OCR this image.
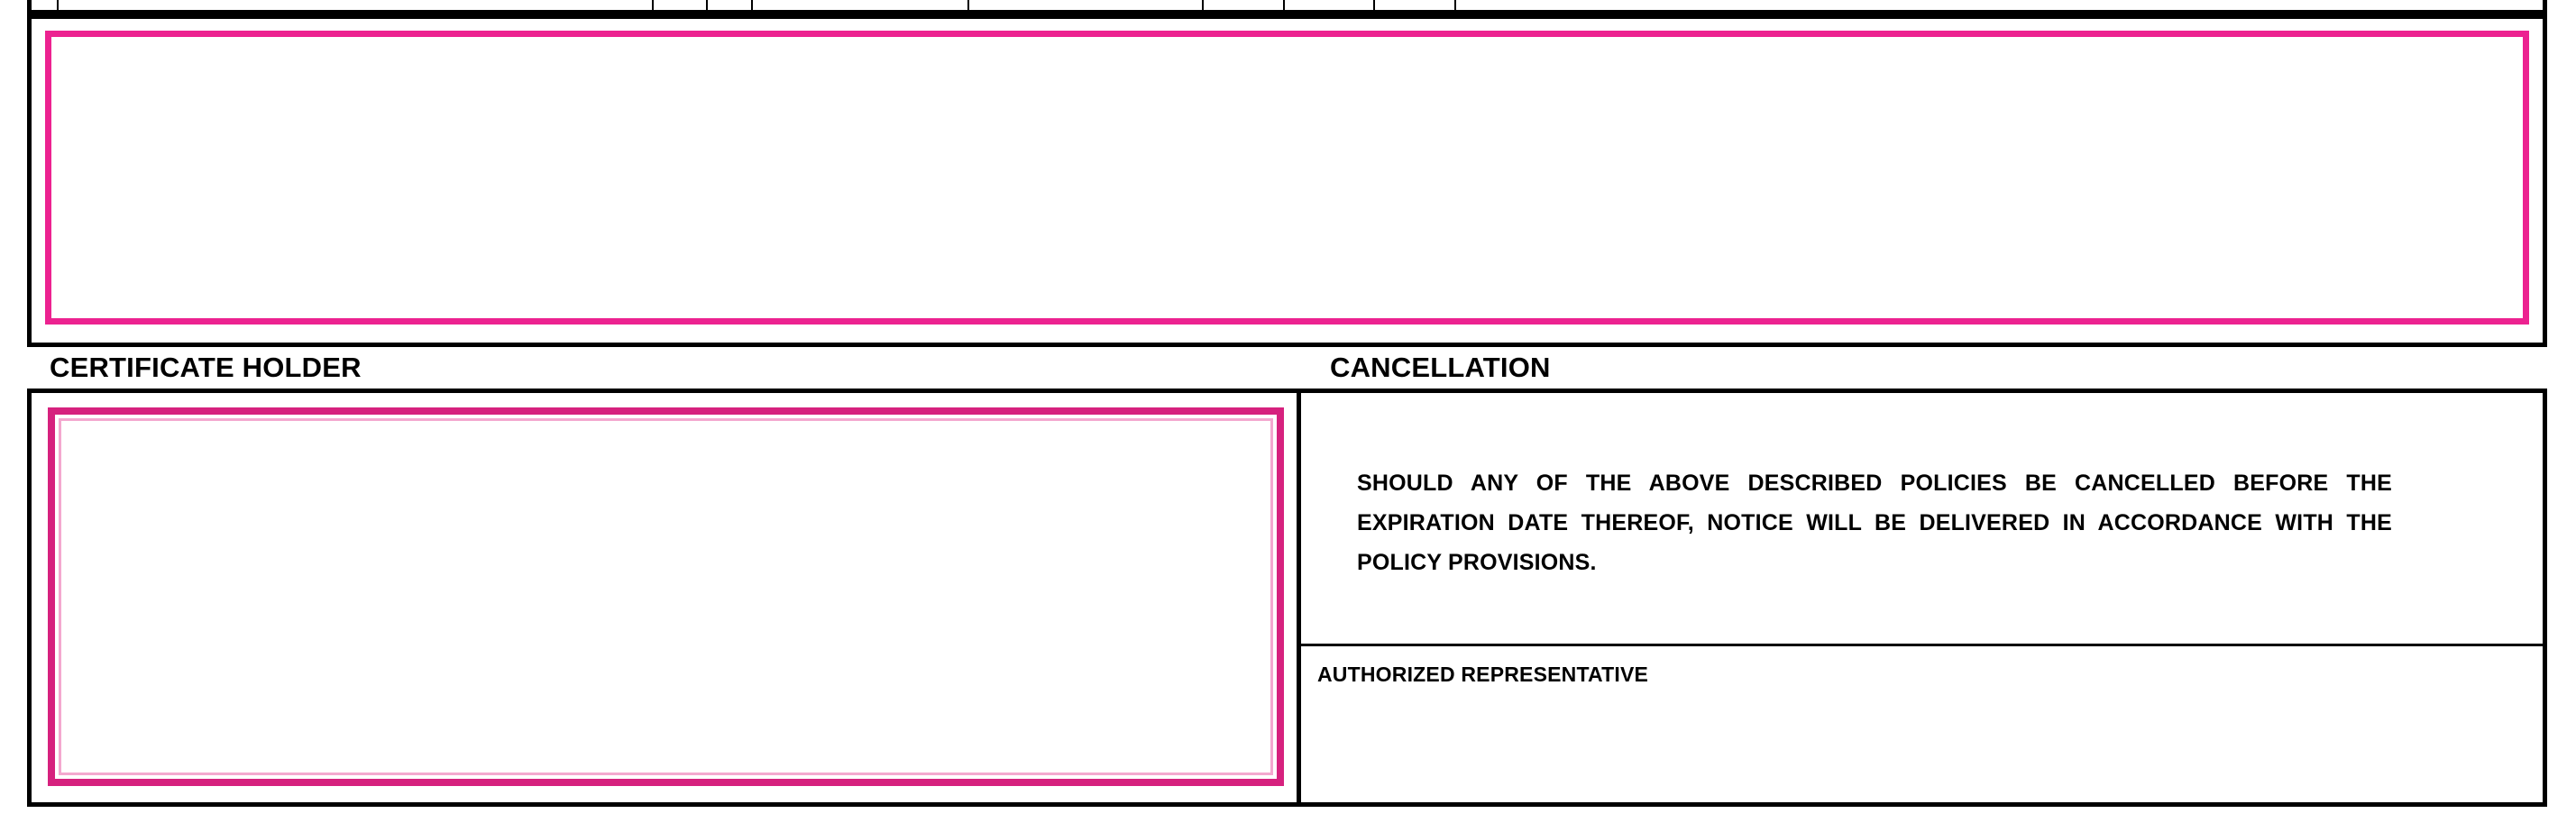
CERTIFICATE HOLDER	CANCELLATION
SHOULD ANY OF THE ABOVE DESCRIBED POLICIES BE CANCELLED BEFORE THE EXPIRATION DATE THEREOF, NOTICE WILL BE DELIVERED IN ACCORDANCE WITH THE POLICY PROVISIONS.
AUTHORIZED REPRESENTATIVE
